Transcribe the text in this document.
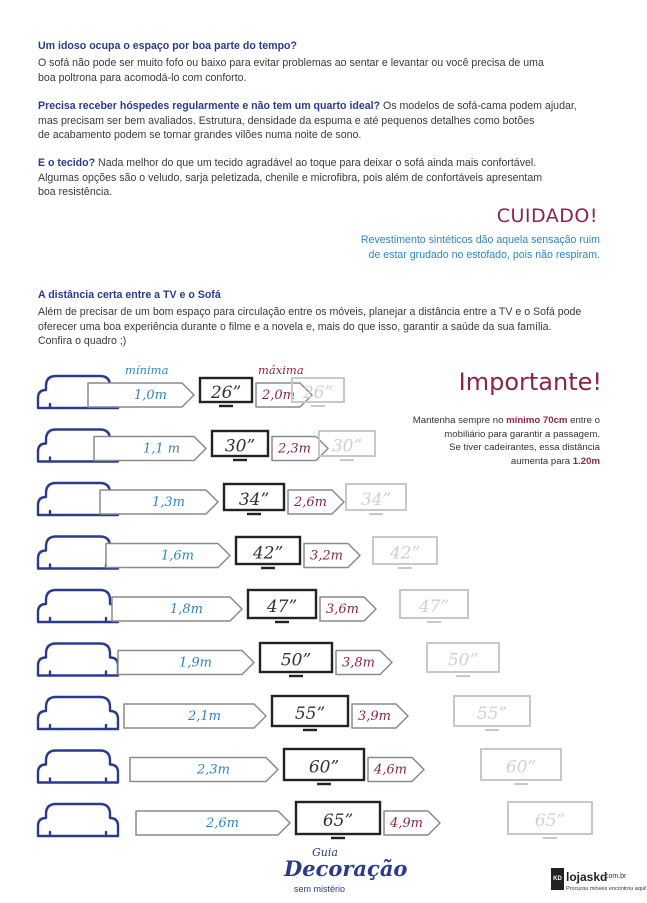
Um idoso ocupa o espaço por boa parte do tempo?
O sofá não pode ser muito fofo ou baixo para evitar problemas ao sentar e levantar ou você precisa de uma
boa poltrona para acomodá-lo com conforto.
Precisa receber hóspedes regularmente e não tem um quarto ideal? Os modelos de sofá-cama podem ajudar,
mas precisam ser bem avaliados. Estrutura, densidade da espuma e até pequenos detalhes como botões
de acabamento podem se tornar grandes vilões numa noite de sono.
E o tecido? Nada melhor do que um tecido agradável ao toque para deixar o sofá ainda mais confortável.
Algumas opções são o veludo, sarja peletizada, chenile e microfibra, pois além de confortáveis apresentam
boa resistência.
CUIDADO!
Revestimento sintéticos dão aquela sensação ruim
de estar grudado no estofado, pois não respiram.
A distância certa entre a TV e o Sofá
Além de precisar de um bom espaço para circulação entre os móveis, planejar a distância entre a TV e o Sofá pode
oferecer uma boa experiência durante o filme e a novela e, mais do que isso, garantir a saúde da sua família.
Confira o quadro ;)
mínima	máxima	Importante!
Mantenha sempre no mínimo 70cm entre o
mobiliário para garantir a passagem.
Se tiver cadeirantes, essa distância
aumenta para 1.20m
1,0m	26” 2,0m 26”
1,1 m	30” 2,3m 30”
1,3m	34” 2,6m 34”
1,6m	42” 3,2m	42”
1,8m	47” 3,6m	47”
1,9m	50” 3,8m	50”
2,1m	55”	3,9m	55”
2,3m	60”	4,6m	60”
2,6m	65”	4,9m	65”
Guia
Decoração
sem mistério
KD lojaskd
.com.br
Procurou móveis encontrou aqui!
